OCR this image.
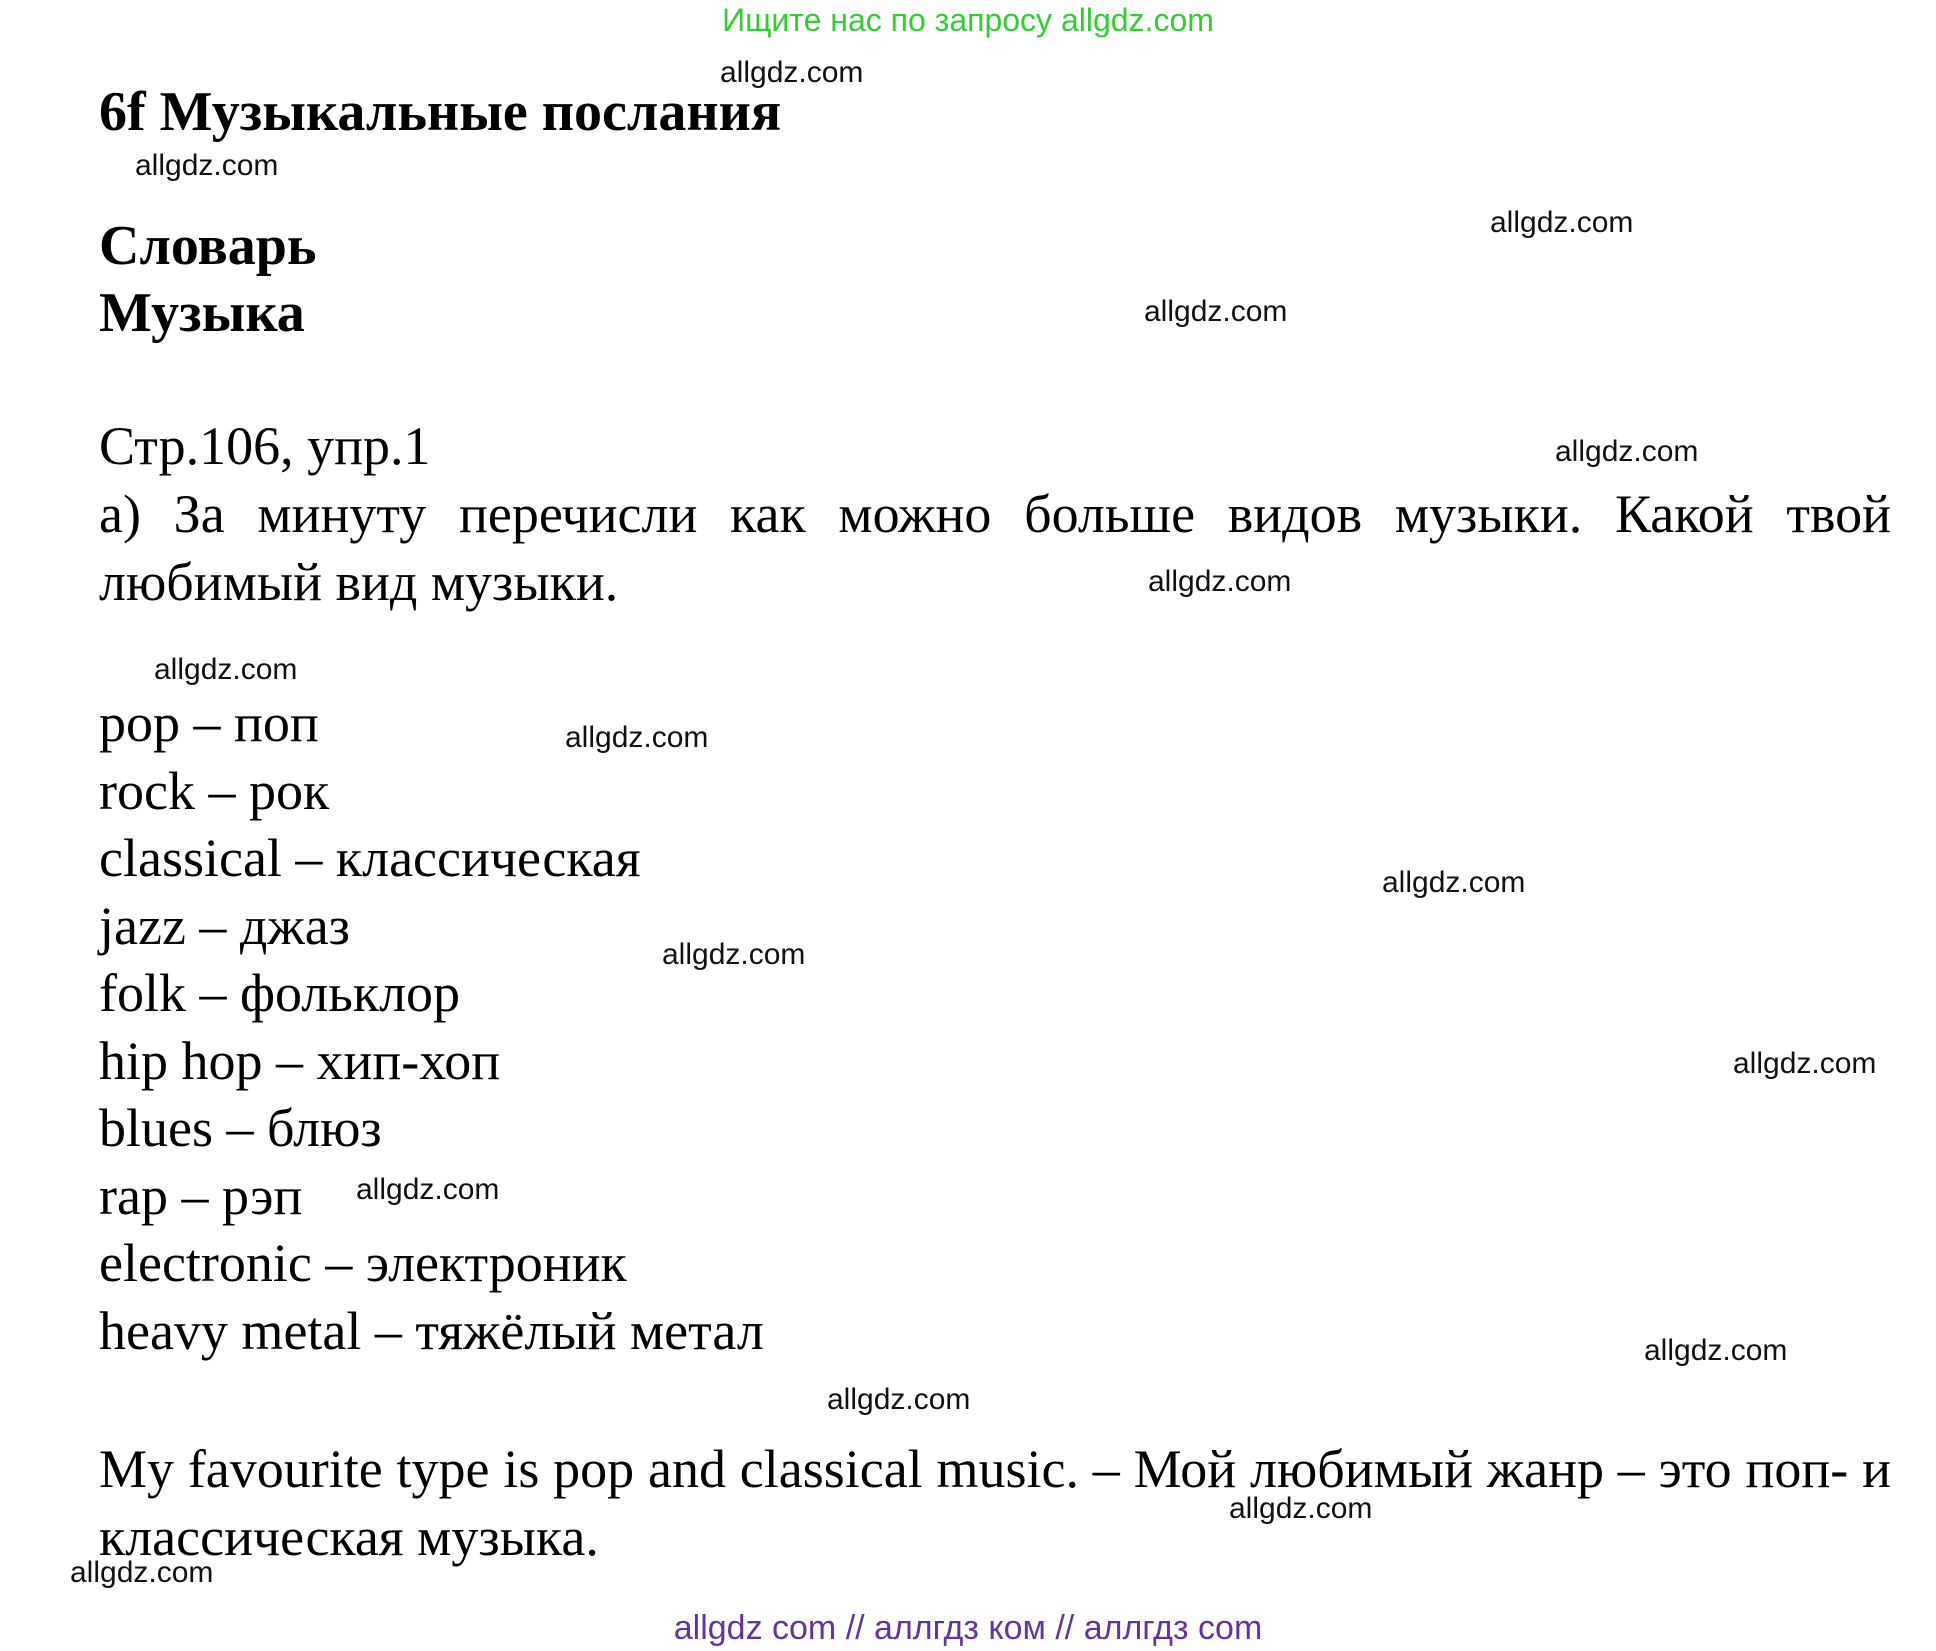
Ищите нас по запросу allgdz.com
6f Музыкальные послания
Словарь
Музыка
Стр.106, упр.1
а) За минуту перечисли как можно больше видов музыки. Какой твой любимый вид музыки.
pop – поп
rock – рок
classical – классическая
jazz – джаз
folk – фольклор
hip hop – хип-хоп
blues – блюз
rap – рэп
electronic – электроник
heavy metal – тяжёлый метал
My favourite type is pop and classical music. – Мой любимый жанр – это поп- и классическая музыка.
allgdz.com
allgdz.com
allgdz.com
allgdz.com
allgdz.com
allgdz.com
allgdz.com
allgdz.com
allgdz.com
allgdz.com
allgdz.com
allgdz.com
allgdz.com
allgdz.com
allgdz.com
allgdz.com
allgdz com // аллгдз ком // аллгдз com
